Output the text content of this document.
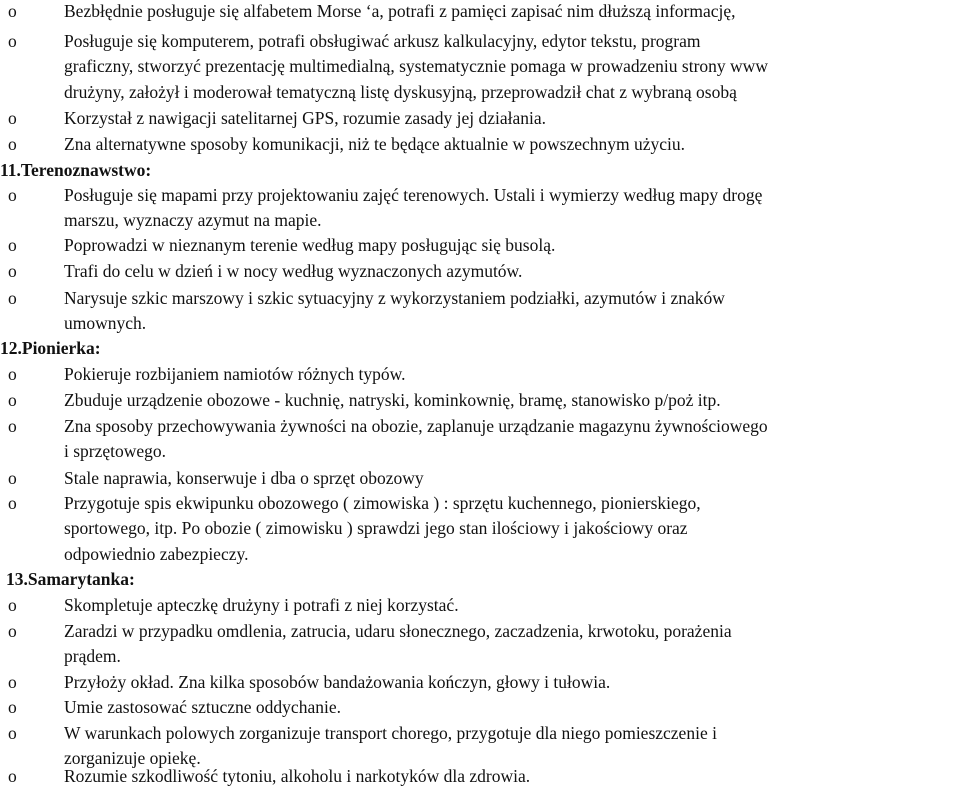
o	Bezbłędnie posługuje się alfabetem Morse ‘a, potrafi z pamięci zapisać nim dłuższą informację,
o	Posługuje się komputerem, potrafi obsługiwać arkusz kalkulacyjny, edytor tekstu, program
graficzny, stworzyć prezentację multimedialną, systematycznie pomaga w prowadzeniu strony www
drużyny, założył i moderował tematyczną listę dyskusyjną, przeprowadził chat z wybraną osobą
o	Korzystał z nawigacji satelitarnej GPS, rozumie zasady jej działania.
o	Zna alternatywne sposoby komunikacji, niż te będące aktualnie w powszechnym użyciu.
11.Terenoznawstwo:
o	Posługuje się mapami przy projektowaniu zajęć terenowych. Ustali i wymierzy według mapy drogę
marszu, wyznaczy azymut na mapie.
o	Poprowadzi w nieznanym terenie według mapy posługując się busolą.
o	Trafi do celu w dzień i w nocy według wyznaczonych azymutów.
o	Narysuje szkic marszowy i szkic sytuacyjny z wykorzystaniem podziałki, azymutów i znaków
umownych.
12.Pionierka:
o	Pokieruje rozbijaniem namiotów różnych typów.
o	Zbuduje urządzenie obozowe - kuchnię, natryski, kominkownię, bramę, stanowisko p/poż itp.
o	Zna sposoby przechowywania żywności na obozie, zaplanuje urządzanie magazynu żywnościowego
i sprzętowego.
o	Stale naprawia, konserwuje i dba o sprzęt obozowy
o	Przygotuje spis ekwipunku obozowego ( zimowiska ) : sprzętu kuchennego, pionierskiego,
sportowego, itp. Po obozie ( zimowisku ) sprawdzi jego stan ilościowy i jakościowy oraz
odpowiednio zabezpieczy.
13.Samarytanka:
o	Skompletuje apteczkę drużyny i potrafi z niej korzystać.
o	Zaradzi w przypadku omdlenia, zatrucia, udaru słonecznego, zaczadzenia, krwotoku, porażenia
prądem.
o	Przyłoży okład. Zna kilka sposobów bandażowania kończyn, głowy i tułowia.
o	Umie zastosować sztuczne oddychanie.
o	W warunkach polowych zorganizuje transport chorego, przygotuje dla niego pomieszczenie i
zorganizuje opiekę.
o	Rozumie szkodliwość tytoniu, alkoholu i narkotyków dla zdrowia.
